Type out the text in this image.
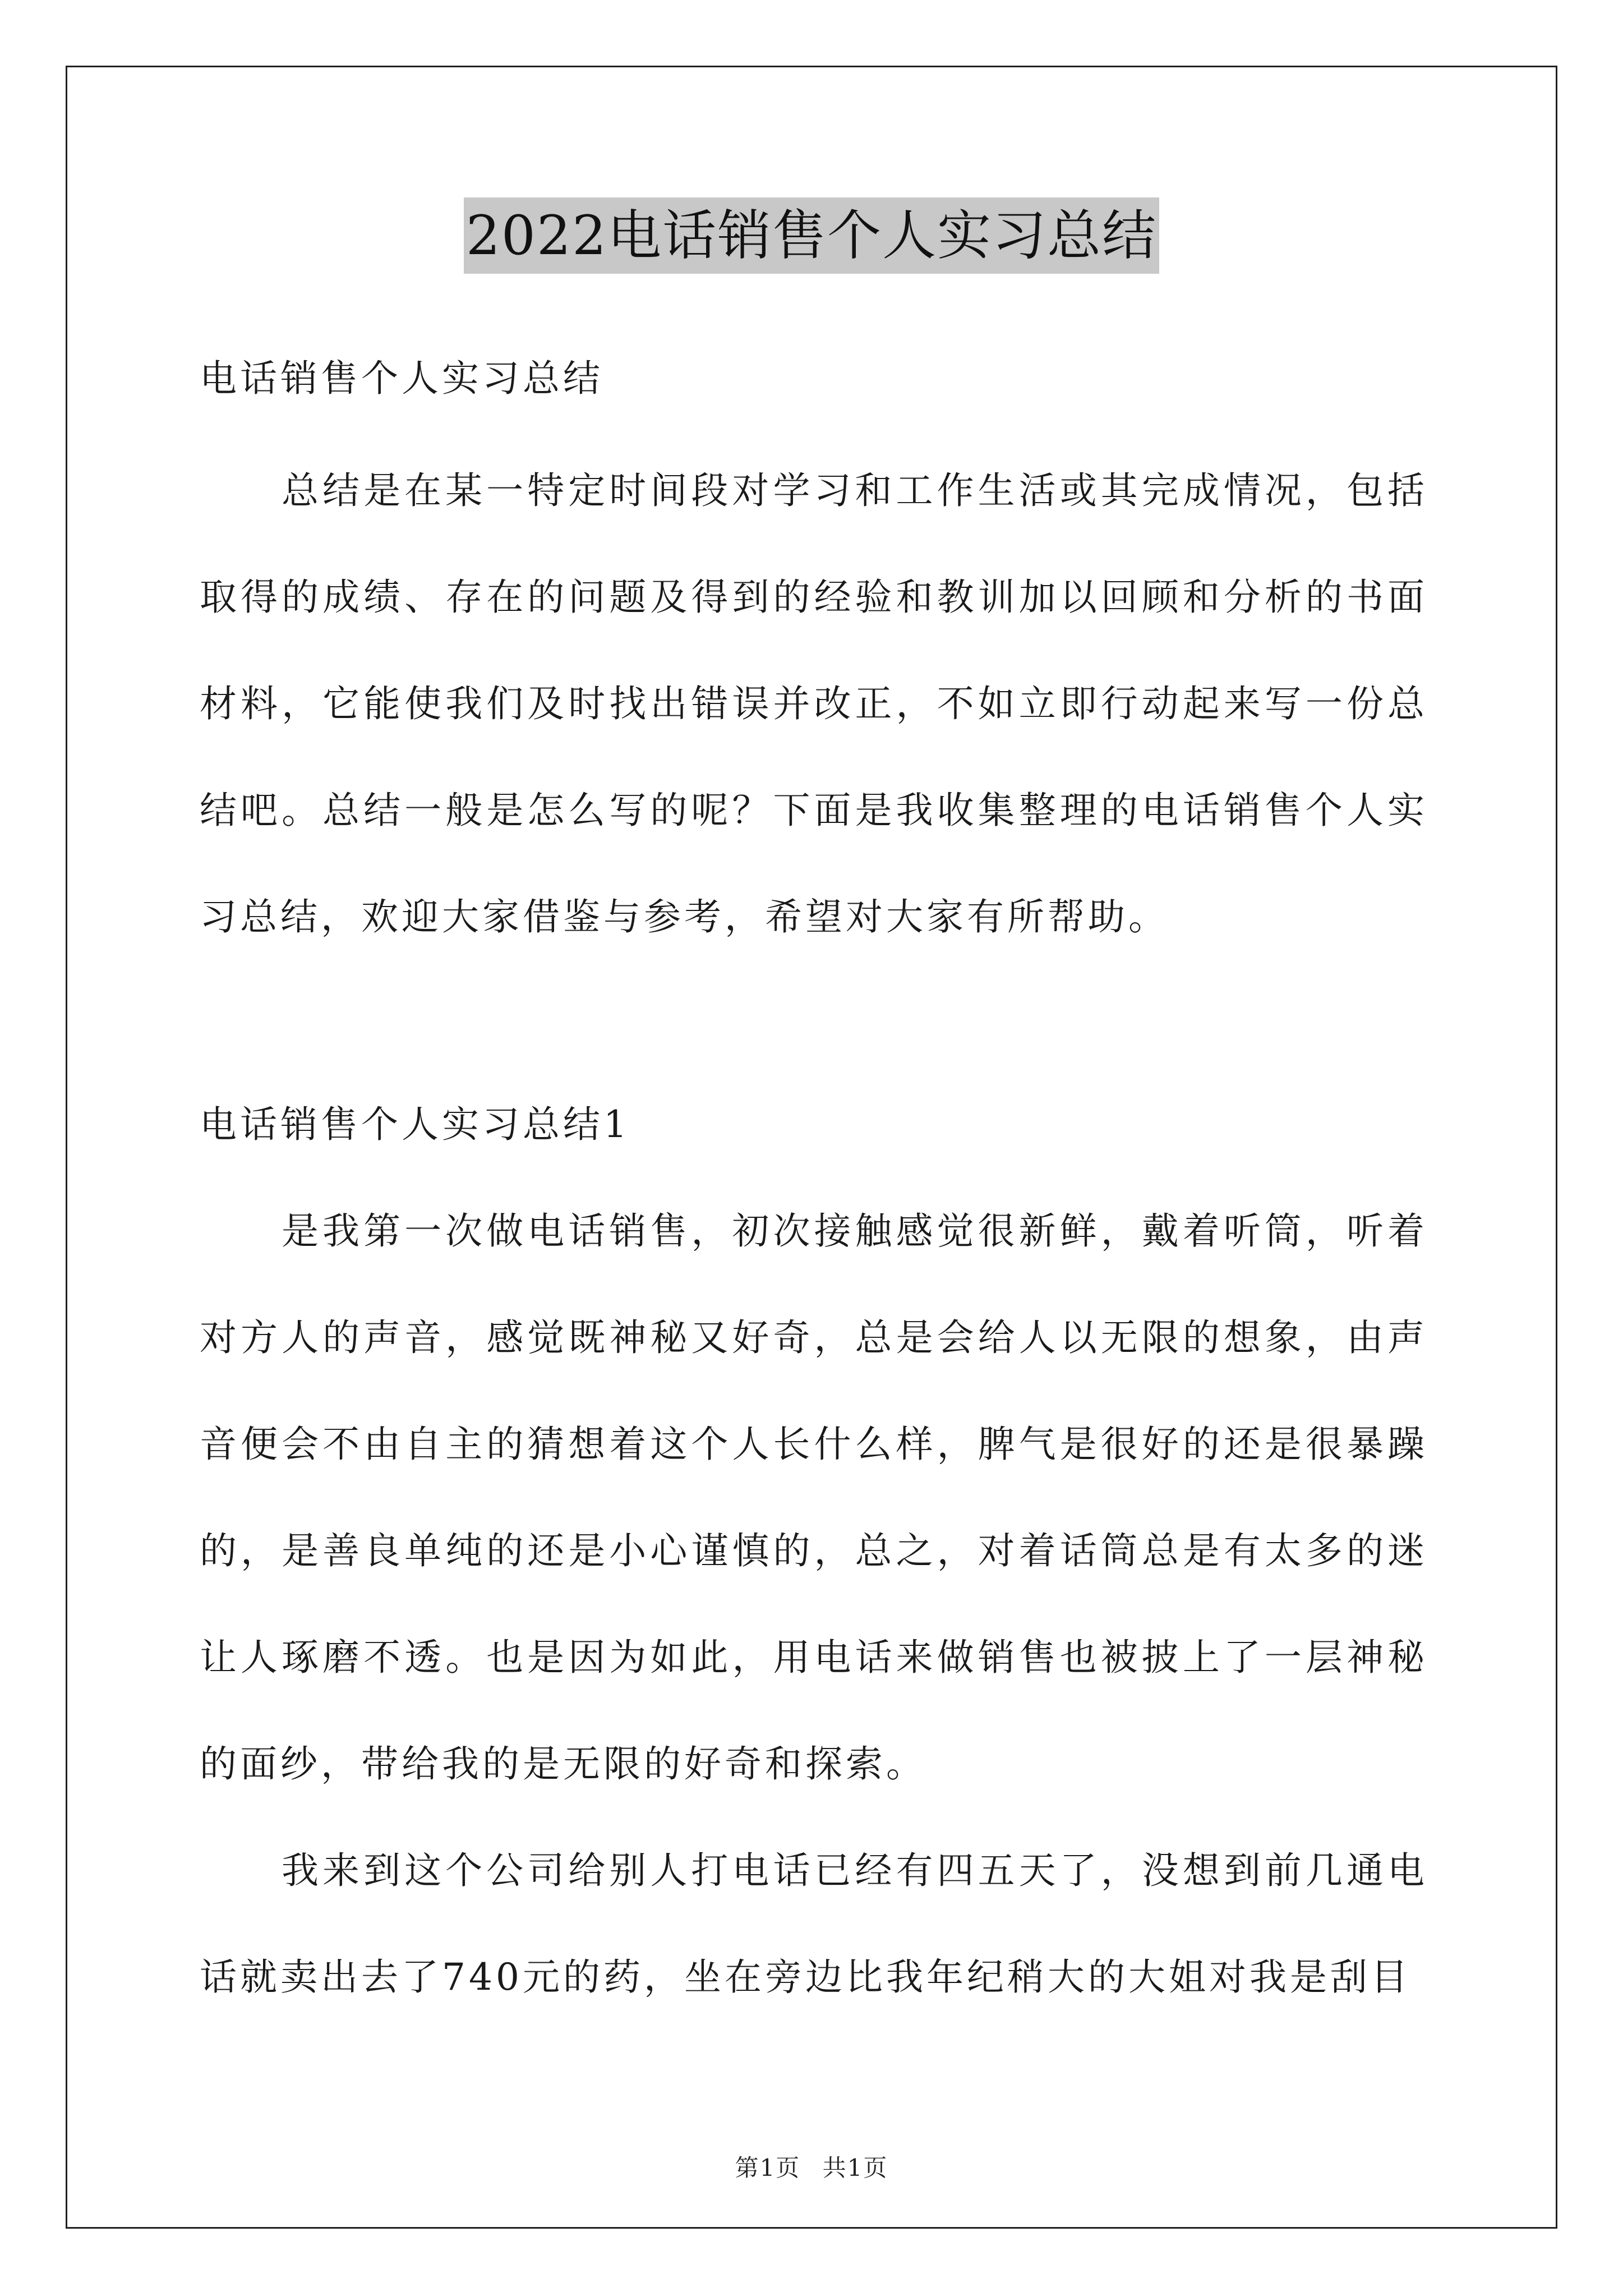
2022电话销售个人实习总结
电话销售个人实习总结

总结是在某一特定时间段对学习和工作生活或其完成情况，包括取得的成绩、存在的问题及得到的经验和教训加以回顾和分析的书面材料，它能使我们及时找出错误并改正，不如立即行动起来写一份总结吧。总结一般是怎么写的呢？下面是我收集整理的电话销售个人实习总结，欢迎大家借鉴与参考，希望对大家有所帮助。

电话销售个人实习总结1

是我第一次做电话销售，初次接触感觉很新鲜，戴着听筒，听着对方人的声音，感觉既神秘又好奇，总是会给人以无限的想象，由声音便会不由自主的猜想着这个人长什么样，脾气是很好的还是很暴躁的，是善良单纯的还是小心谨慎的，总之，对着话筒总是有太多的迷让人琢磨不透。也是因为如此，用电话来做销售也被披上了一层神秘的面纱，带给我的是无限的好奇和探索。

我来到这个公司给别人打电话已经有四五天了，没想到前几通电话就卖出去了740元的药，坐在旁边比我年纪稍大的大姐对我是刮目

第1页 共1页
